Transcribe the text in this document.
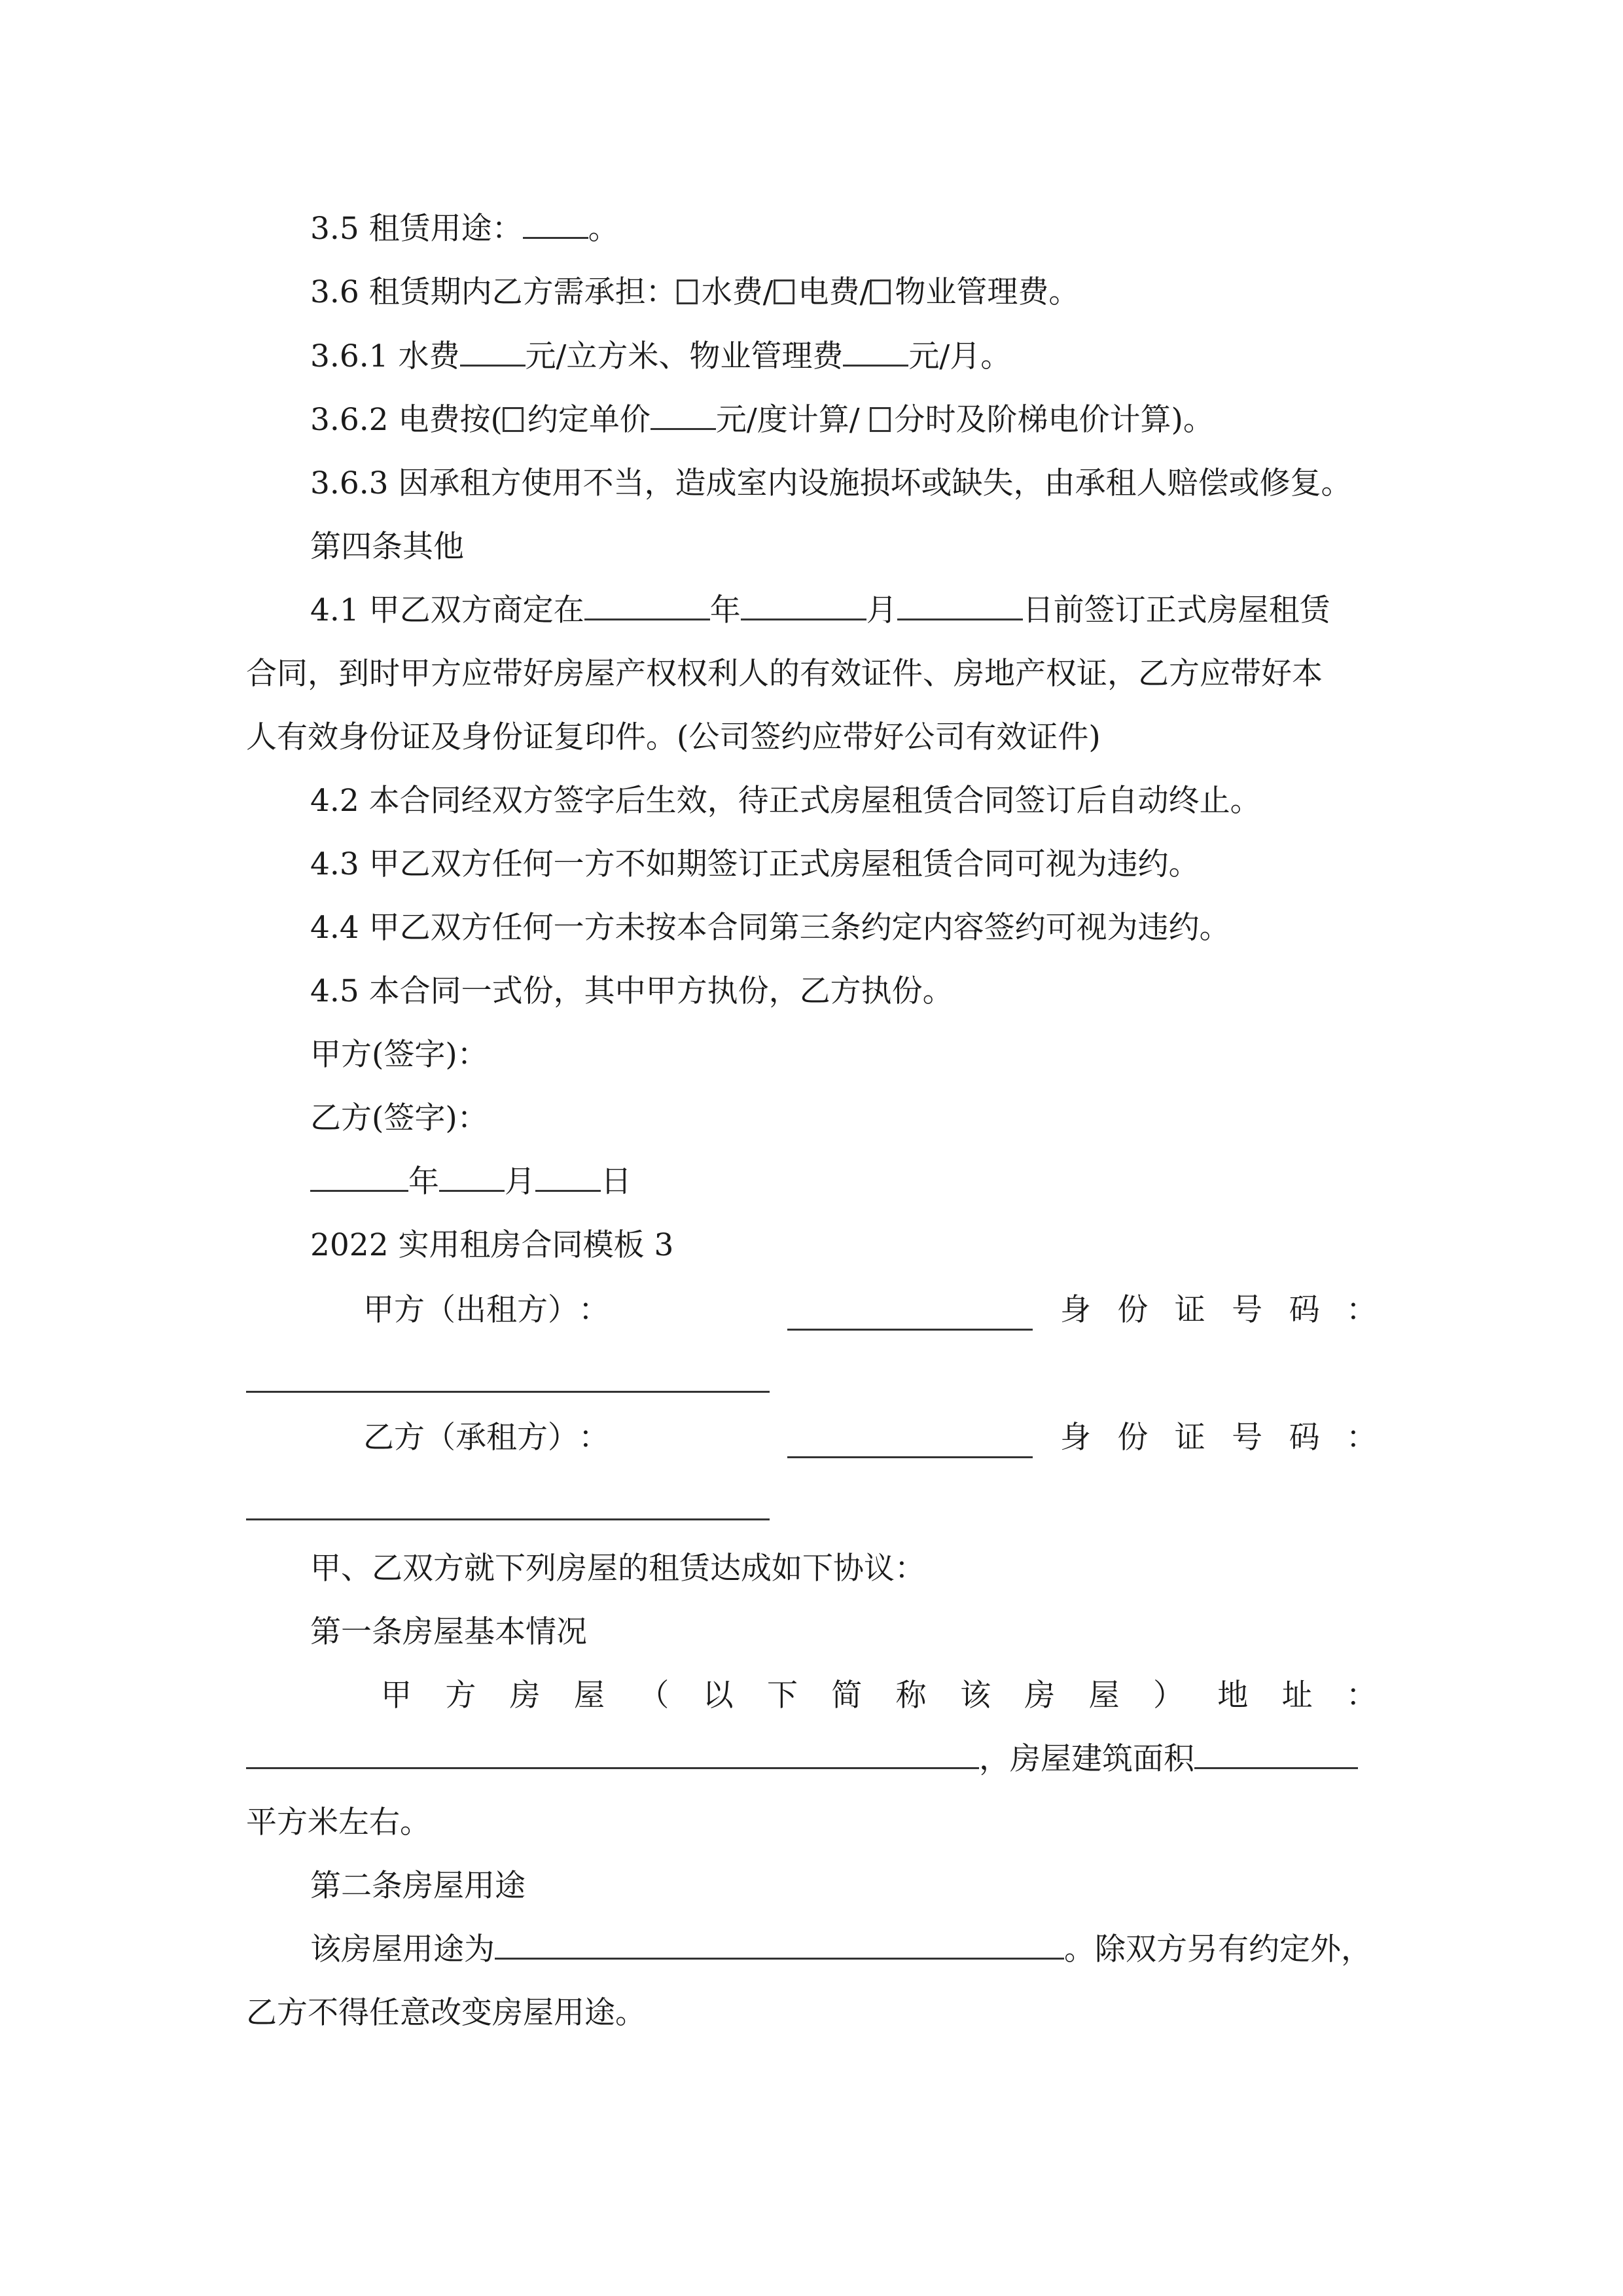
3.5 租赁用途： 。
3.6 租赁期内乙方需承担： 水费/ 电费/ 物业管理费。
3.6.1 水费 元/立方米、物业管理费 元/月。
3.6.2 电费按( 约定单价 元/度计算/ 分时及阶梯电价计算)。
3.6.3 因承租方使用不当，造成室内设施损坏或缺失，由承租人赔偿或修复。
第四条其他
4.1 甲乙双方商定在	年	月	日前签订正式房屋租赁
合同，到时甲方应带好房屋产权权利人的有效证件、房地产权证，乙方应带好本
人有效身份证及身份证复印件。(公司签约应带好公司有效证件)
4.2 本合同经双方签字后生效，待正式房屋租赁合同签订后自动终止。
4.3 甲乙双方任何一方不如期签订正式房屋租赁合同可视为违约。
4.4 甲乙双方任何一方未按本合同第三条约定内容签约可视为违约。
4.5 本合同一式份，其中甲方执份，乙方执份。
甲方(签字)：
乙方(签字)：
年 月 日
2022 实用租房合同模板 3
甲 方 （ 出 租 方 ） ：	身 份 证 号 码 ：
乙 方 （ 承 租 方 ） ：	身 份 证 号 码 ：
甲、乙双方就下列房屋的租赁达成如下协议：
第一条房屋基本情况
甲 方 房 屋 （ 以 下 简 称 该 房 屋 ） 地 址 ：
，房屋建筑面积
平方米左右。
第二条房屋用途
该房屋用途为	。除双方另有约定外，
乙方不得任意改变房屋用途。
